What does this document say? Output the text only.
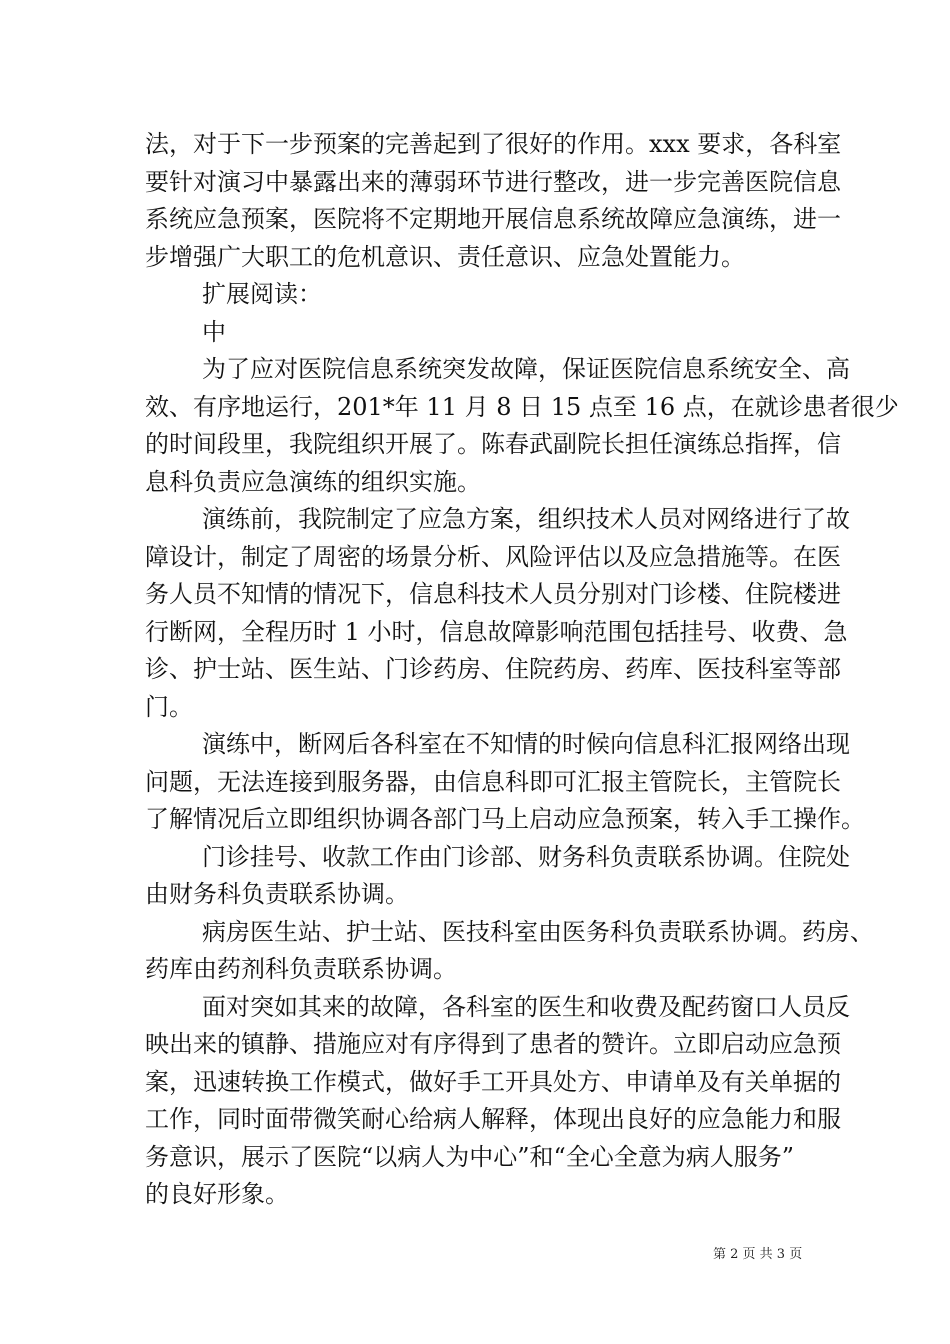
法，对于下一步预案的完善起到了很好的作用。xxx 要求，各科室
要针对演习中暴露出来的薄弱环节进行整改，进一步完善医院信息
系统应急预案，医院将不定期地开展信息系统故障应急演练，进一
步增强广大职工的危机意识、责任意识、应急处置能力。
扩展阅读：
中
为了应对医院信息系统突发故障，保证医院信息系统安全、高
效、有序地运行，201*年 11 月 8 日 15 点至 16 点，在就诊患者很少
的时间段里，我院组织开展了。陈春武副院长担任演练总指挥，信
息科负责应急演练的组织实施。
演练前，我院制定了应急方案，组织技术人员对网络进行了故
障设计，制定了周密的场景分析、风险评估以及应急措施等。在医
务人员不知情的情况下，信息科技术人员分别对门诊楼、住院楼进
行断网，全程历时 1 小时，信息故障影响范围包括挂号、收费、急
诊、护士站、医生站、门诊药房、住院药房、药库、医技科室等部
门。
演练中，断网后各科室在不知情的时候向信息科汇报网络出现
问题，无法连接到服务器，由信息科即可汇报主管院长，主管院长
了解情况后立即组织协调各部门马上启动应急预案，转入手工操作。
门诊挂号、收款工作由门诊部、财务科负责联系协调。住院处
由财务科负责联系协调。
病房医生站、护士站、医技科室由医务科负责联系协调。药房、
药库由药剂科负责联系协调。
面对突如其来的故障，各科室的医生和收费及配药窗口人员反
映出来的镇静、措施应对有序得到了患者的赞许。立即启动应急预
案，迅速转换工作模式，做好手工开具处方、申请单及有关单据的
工作，同时面带微笑耐心给病人解释，体现出良好的应急能力和服
务意识，展示了医院“以病人为中心”和“全心全意为病人服务”
的良好形象。
第 2 页 共 3 页
